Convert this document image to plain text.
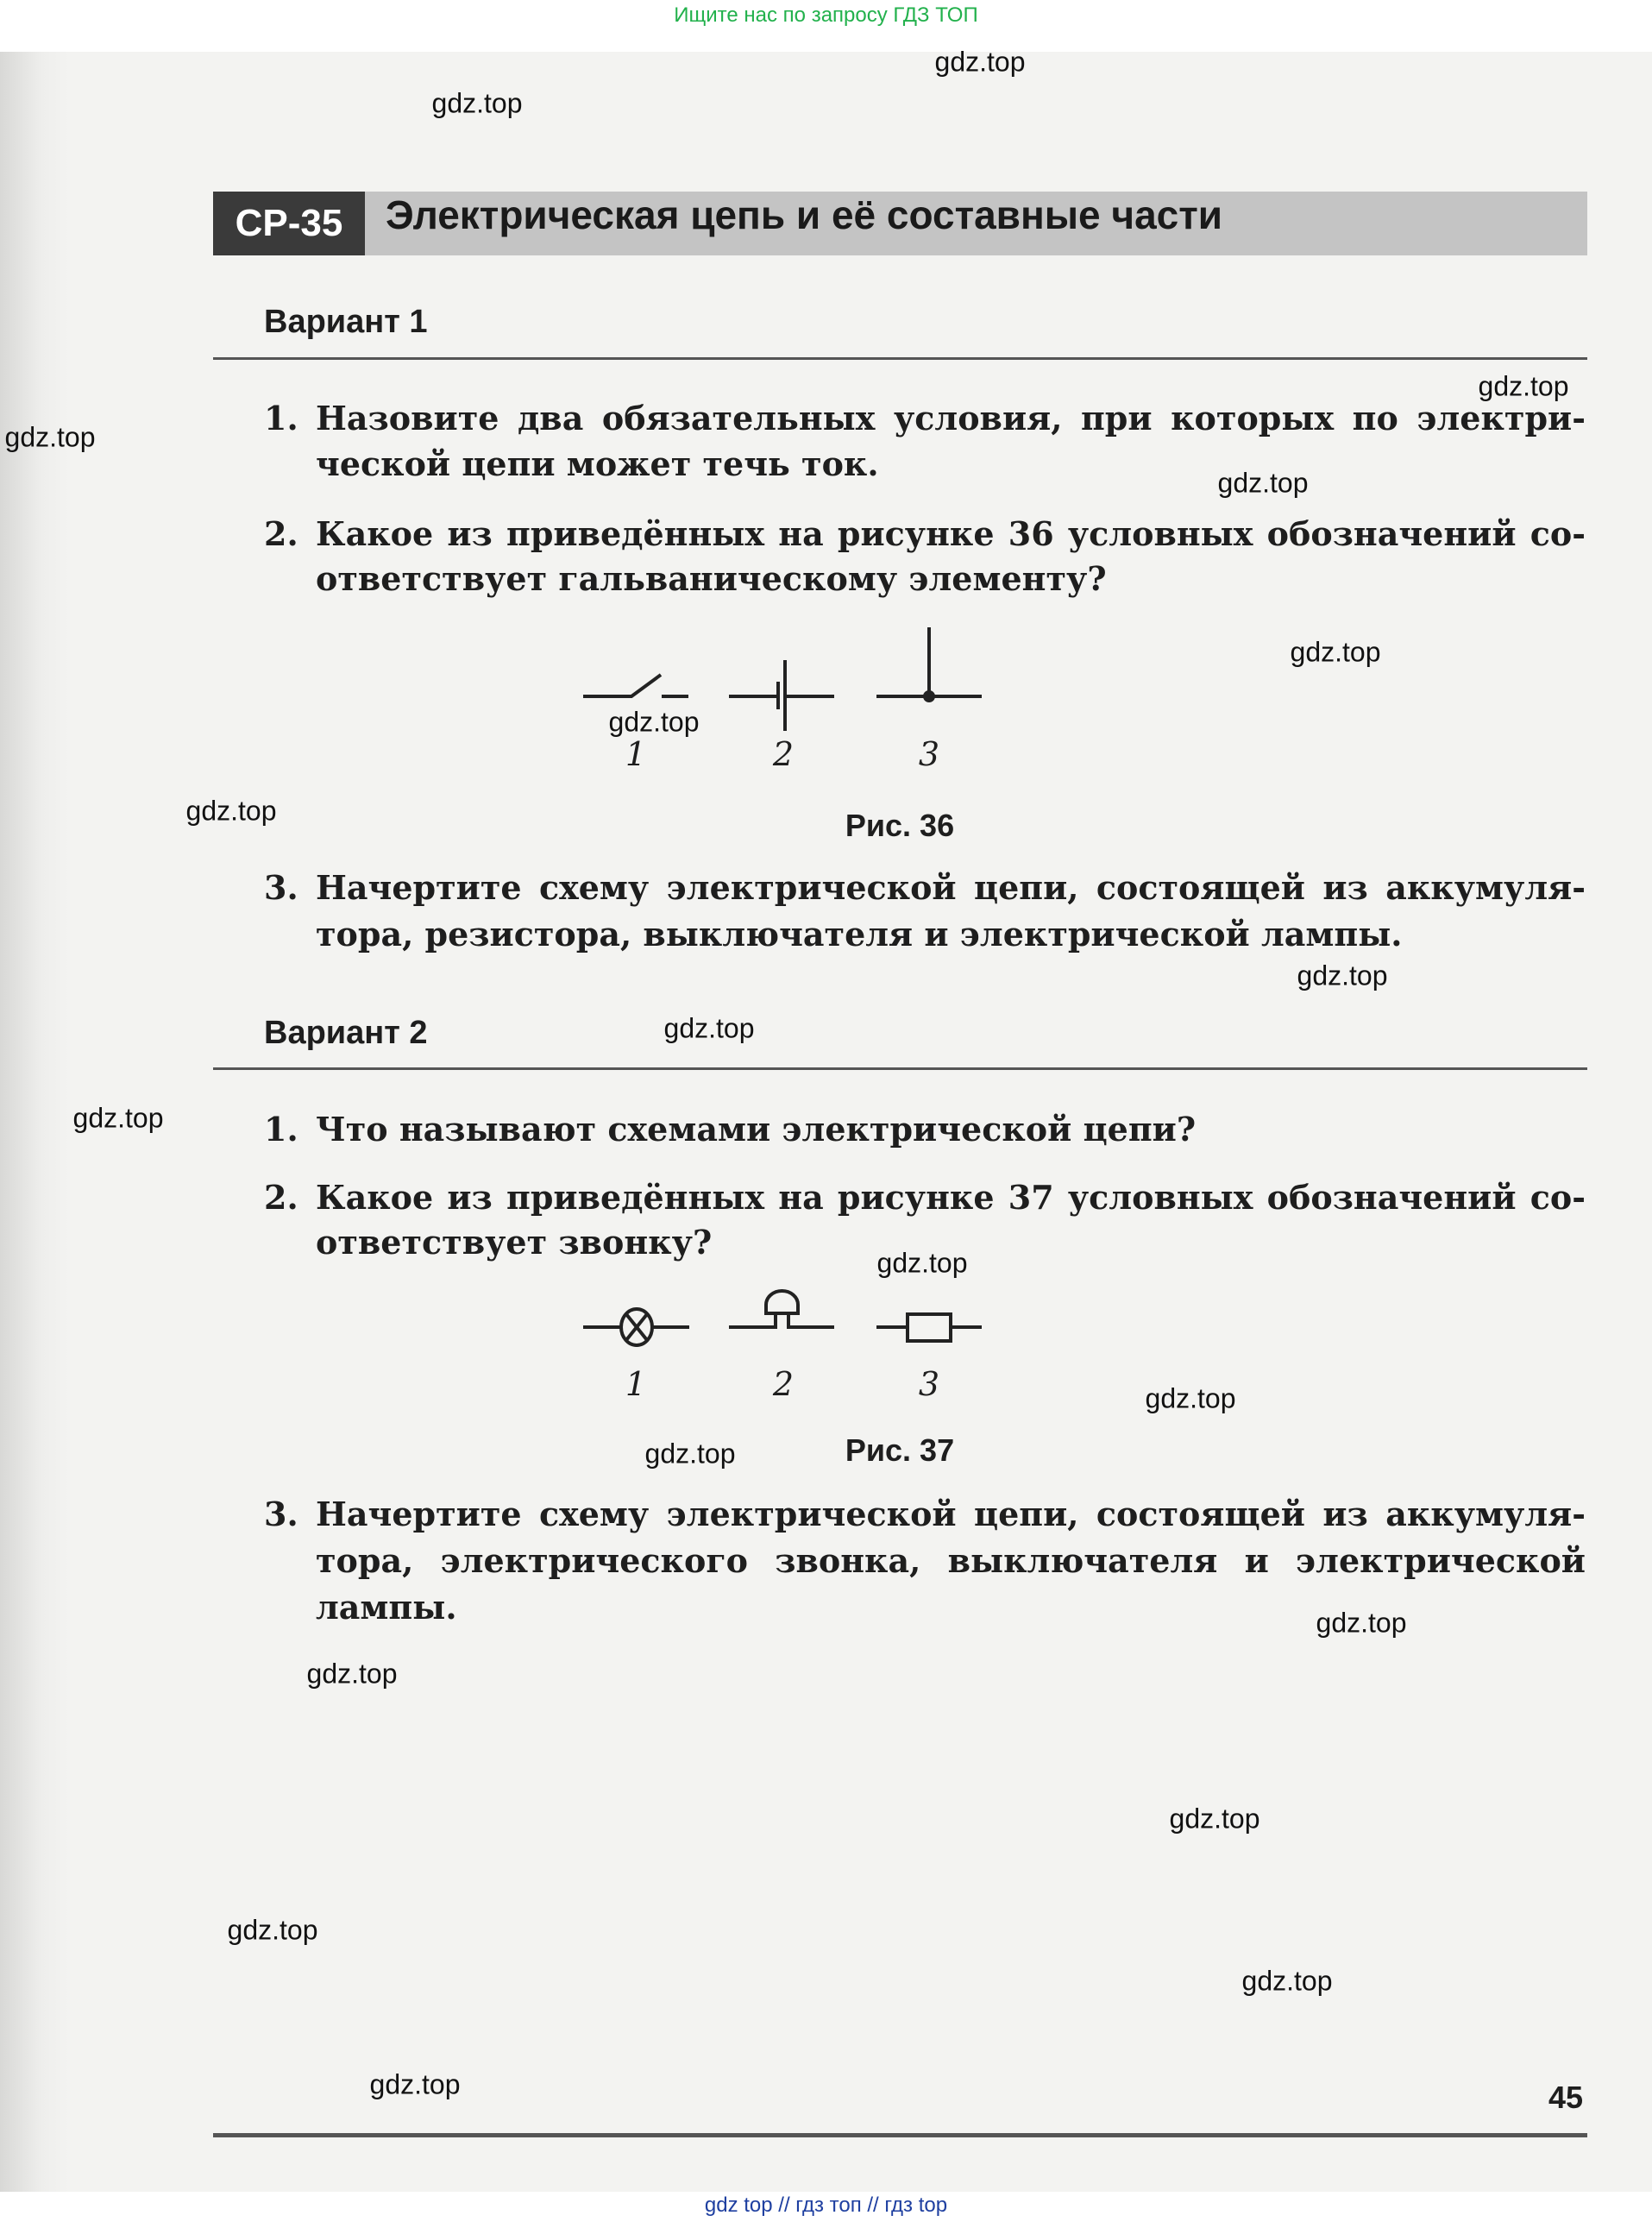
Ищите нас по запросу ГДЗ ТОП
СР-35	Электрическая цепь и её составные части
Вариант 1
1. Назовите два обязательных условия, при которых по электри-
ческой цепи может течь ток.
2. Какое из приведённых на рисунке 36 условных обозначений со-
ответствует гальваническому элементу?
1	2	3
Рис. 36
3. Начертите схему электрической цепи, состоящей из аккумуля-
тора, резистора, выключателя и электрической лампы.
Вариант 2
1. Что называют схемами электрической цепи?
2. Какое из приведённых на рисунке 37 условных обозначений со-
ответствует звонку?
1	2	3
Рис. 37
3. Начертите схему электрической цепи, состоящей из аккумуля-
тора, электрического звонка, выключателя и электрической
лампы.
45
gdz.top
gdz.top
gdz.top
gdz.top
gdz.top
gdz.top
gdz.top
gdz.top
gdz.top
gdz.top
gdz.top
gdz.top
gdz.top
gdz.top
gdz.top
gdz.top
gdz.top
gdz.top
gdz.top
gdz.top
gdz top // гдз топ // гдз top
